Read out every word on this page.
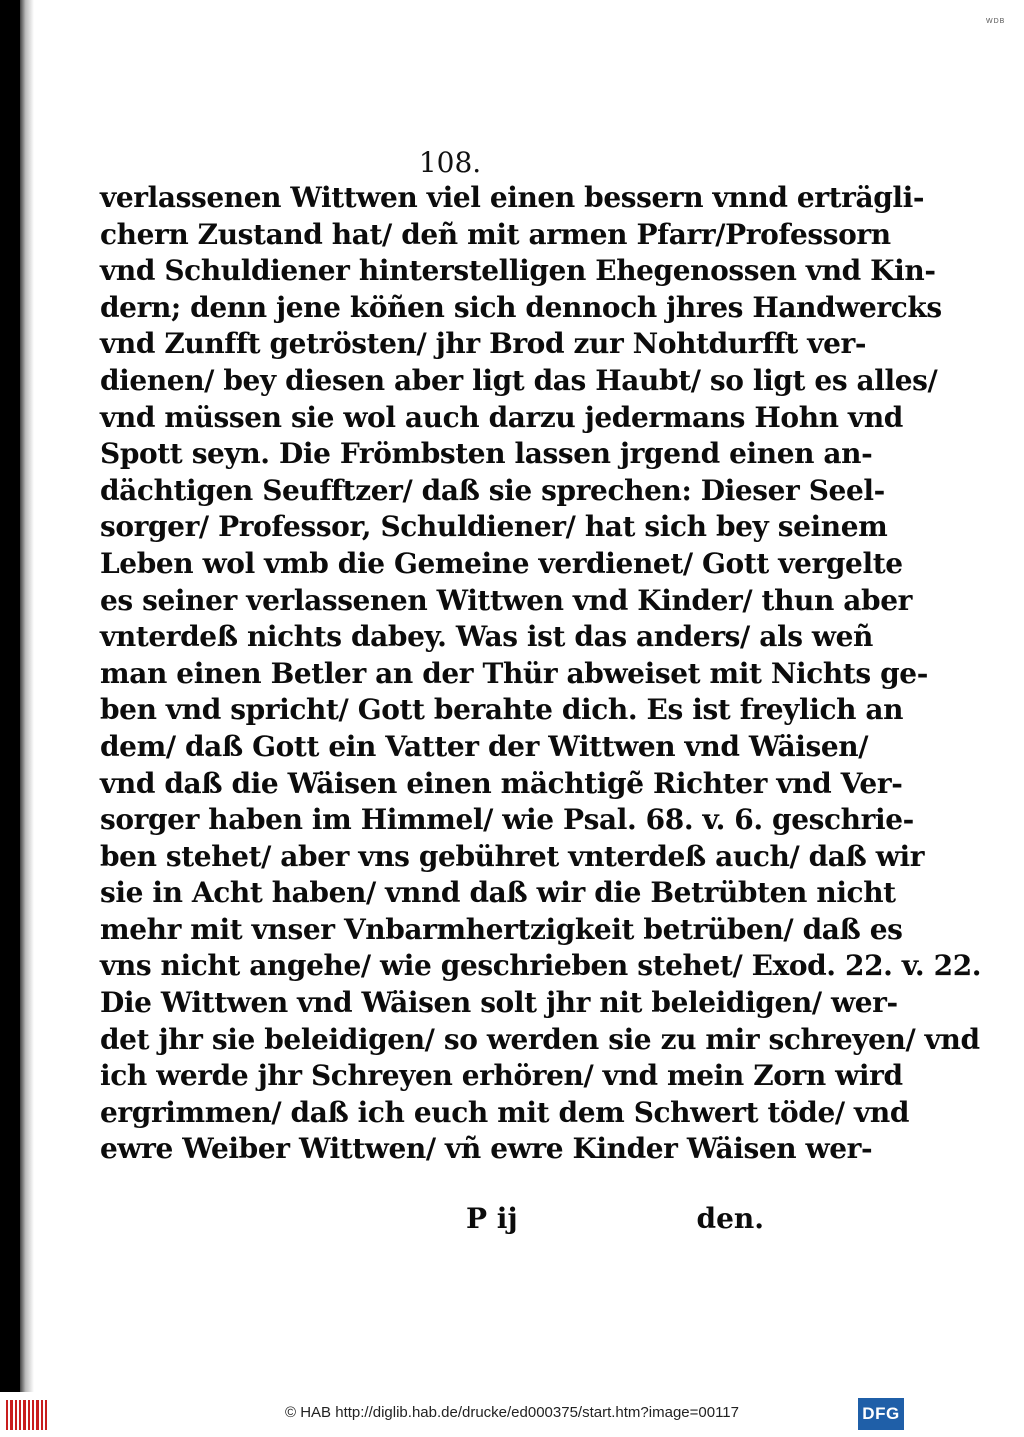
WDB
108.
verlassenen Wittwen viel einen bessern vnnd erträgli-
chern Zustand hat/ deñ mit armen Pfarr/Professorn
vnd Schuldiener hinterstelligen Ehegenossen vnd Kin-
dern; denn jene köñen sich dennoch jhres Handwercks
vnd Zunfft getrösten/ jhr Brod zur Nohtdurfft ver-
dienen/ bey diesen aber ligt das Haubt/ so ligt es alles/
vnd müssen sie wol auch darzu jedermans Hohn vnd
Spott seyn. Die Frömbsten lassen jrgend einen an-
dächtigen Seufftzer/ daß sie sprechen: Dieser Seel-
sorger/ Professor, Schuldiener/ hat sich bey seinem
Leben wol vmb die Gemeine verdienet/ Gott vergelte
es seiner verlassenen Wittwen vnd Kinder/ thun aber
vnterdeß nichts dabey. Was ist das anders/ als weñ
man einen Betler an der Thür abweiset mit Nichts ge-
ben vnd spricht/ Gott berahte dich. Es ist freylich an
dem/ daß Gott ein Vatter der Wittwen vnd Wäisen/
vnd daß die Wäisen einen mächtigẽ Richter vnd Ver-
sorger haben im Himmel/ wie Psal. 68. v. 6. geschrie-
ben stehet/ aber vns gebühret vnterdeß auch/ daß wir
sie in Acht haben/ vnnd daß wir die Betrübten nicht
mehr mit vnser Vnbarmhertzigkeit betrüben/ daß es
vns nicht angehe/ wie geschrieben stehet/ Exod. 22. v. 22.
Die Wittwen vnd Wäisen solt jhr nit beleidigen/ wer-
det jhr sie beleidigen/ so werden sie zu mir schreyen/ vnd
ich werde jhr Schreyen erhören/ vnd mein Zorn wird
ergrimmen/ daß ich euch mit dem Schwert töde/ vnd
ewre Weiber Wittwen/ vñ ewre Kinder Wäisen wer-
P ij	den.
© HAB http://diglib.hab.de/drucke/ed000375/start.htm?image=00117	DFG
